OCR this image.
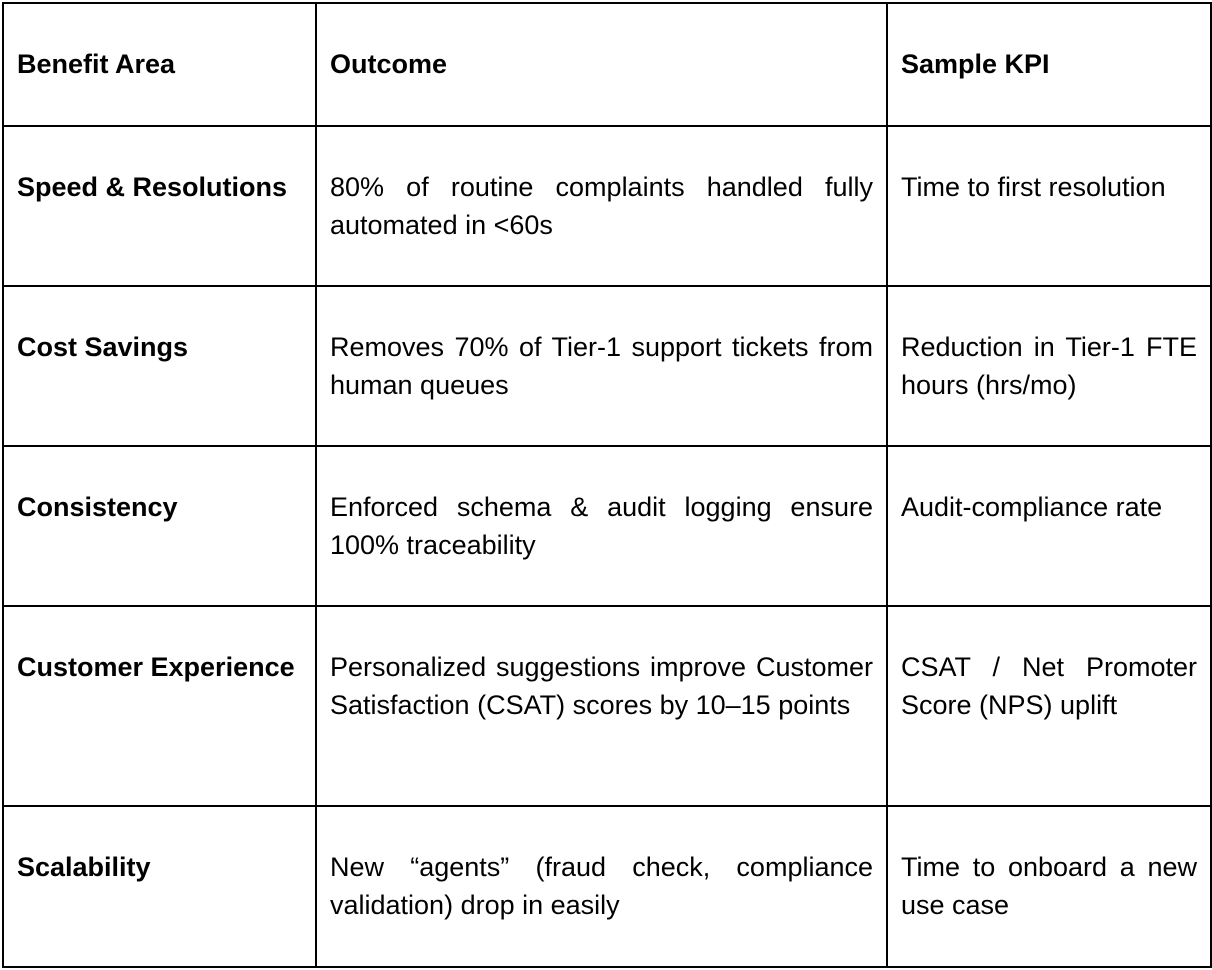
Benefit Area	Outcome	Sample KPI
Speed & Resolutions	80% of routine complaints handled fully automated in <60s	Time to first resolution
Cost Savings	Removes 70% of Tier-1 support tickets from human queues	Reduction in Tier-1 FTE hours (hrs/mo)
Consistency	Enforced schema & audit logging ensure 100% traceability	Audit-compliance rate
Customer Experience	Personalized suggestions improve Customer Satisfaction (CSAT) scores by 10–15 points	CSAT / Net Promoter Score (NPS) uplift
Scalability	New “agents” (fraud check, compliance validation) drop in easily	Time to onboard a new use case
